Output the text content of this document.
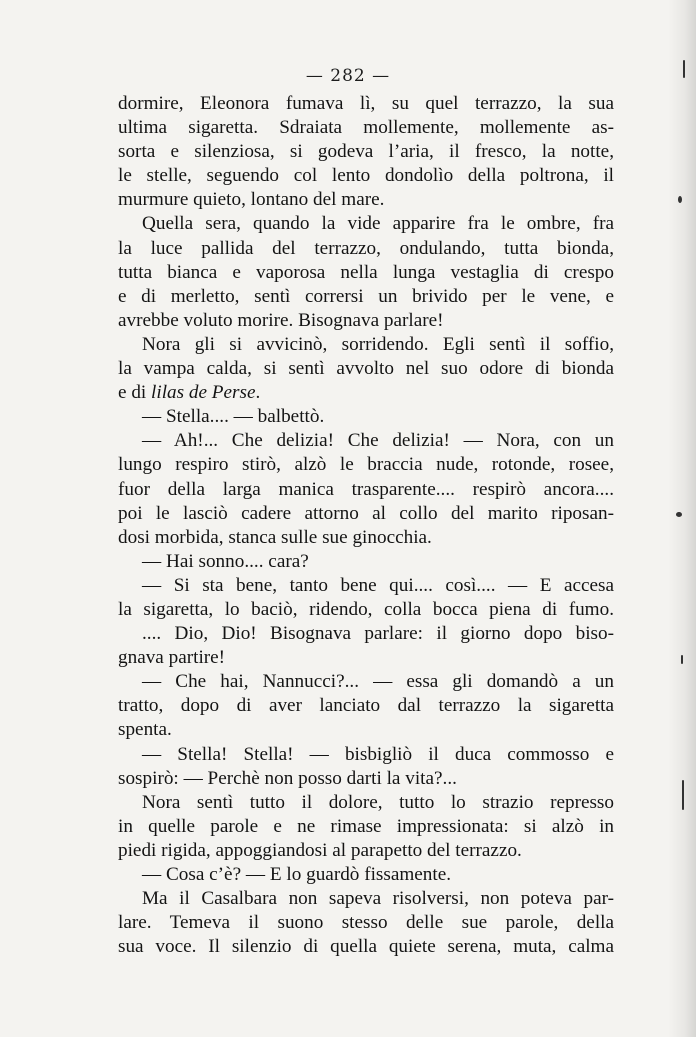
— 282 —
dormire, Eleonora fumava lì, su quel terrazzo, la sua
ultima sigaretta. Sdraiata mollemente, mollemente as-
sorta e silenziosa, si godeva l’aria, il fresco, la notte,
le stelle, seguendo col lento dondolìo della poltrona, il
murmure quieto, lontano del mare.
Quella sera, quando la vide apparire fra le ombre, fra
la luce pallida del terrazzo, ondulando, tutta bionda,
tutta bianca e vaporosa nella lunga vestaglia di crespo
e di merletto, sentì corrersi un brivido per le vene, e
avrebbe voluto morire. Bisognava parlare!
Nora gli si avvicinò, sorridendo. Egli sentì il soffio,
la vampa calda, si sentì avvolto nel suo odore di bionda
e di lilas de Perse.
— Stella.... — balbettò.
— Ah!... Che delizia! Che delizia! — Nora, con un
lungo respiro stirò, alzò le braccia nude, rotonde, rosee,
fuor della larga manica trasparente.... respirò ancora....
poi le lasciò cadere attorno al collo del marito riposan-
dosi morbida, stanca sulle sue ginocchia.
— Hai sonno.... cara?
— Si sta bene, tanto bene qui.... così.... — E accesa
la sigaretta, lo baciò, ridendo, colla bocca piena di fumo.
.... Dio, Dio! Bisognava parlare: il giorno dopo biso-
gnava partire!
— Che hai, Nannucci?... — essa gli domandò a un
tratto, dopo di aver lanciato dal terrazzo la sigaretta
spenta.
— Stella! Stella! — bisbigliò il duca commosso e
sospirò: — Perchè non posso darti la vita?...
Nora sentì tutto il dolore, tutto lo strazio represso
in quelle parole e ne rimase impressionata: si alzò in
piedi rigida, appoggiandosi al parapetto del terrazzo.
— Cosa c’è? — E lo guardò fissamente.
Ma il Casalbara non sapeva risolversi, non poteva par-
lare. Temeva il suono stesso delle sue parole, della
sua voce. Il silenzio di quella quiete serena, muta, calma
